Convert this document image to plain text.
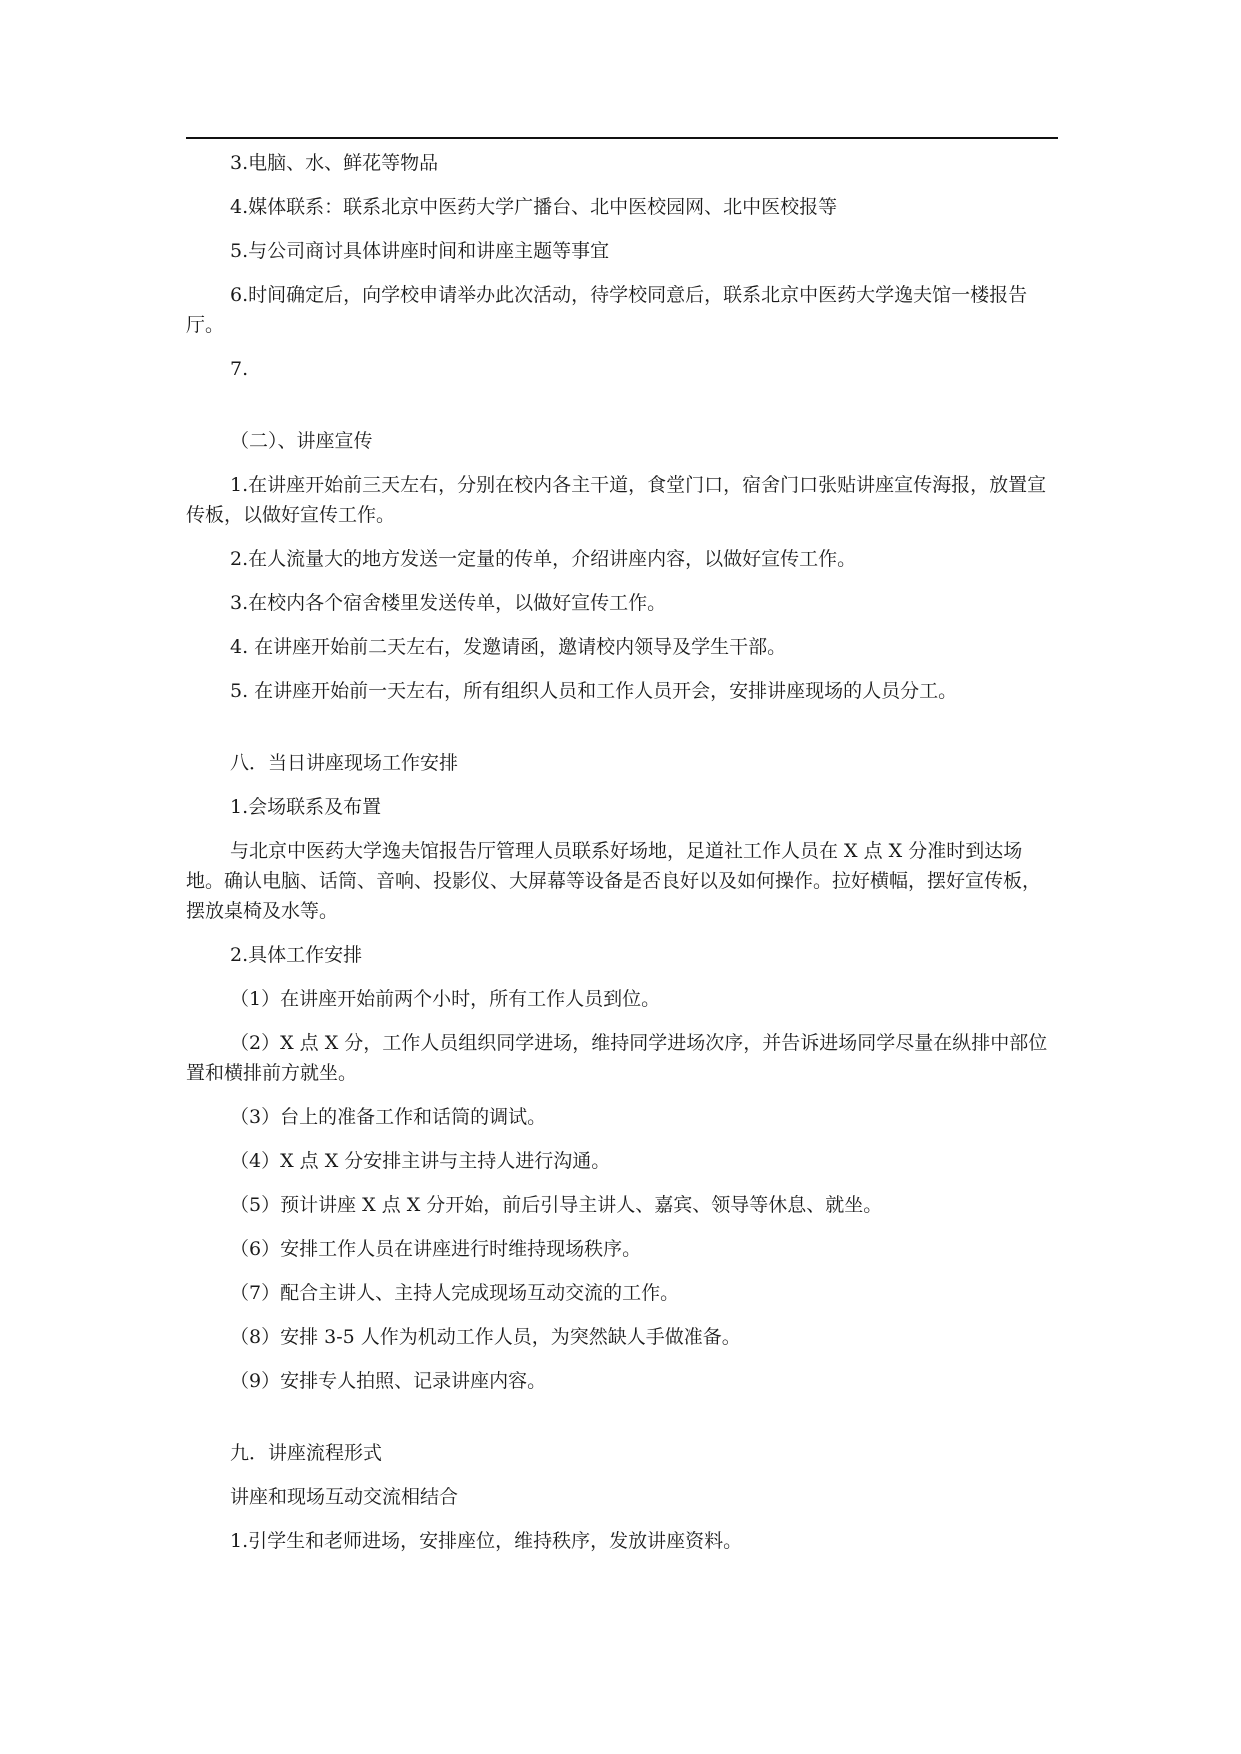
3.电脑、水、鲜花等物品

4.媒体联系：联系北京中医药大学广播台、北中医校园网、北中医校报等

5.与公司商讨具体讲座时间和讲座主题等事宜

6.时间确定后，向学校申请举办此次活动，待学校同意后，联系北京中医药大学逸夫馆一楼报告厅。

7.

（二）、讲座宣传

1.在讲座开始前三天左右，分别在校内各主干道，食堂门口，宿舍门口张贴讲座宣传海报，放置宣传板，以做好宣传工作。

2.在人流量大的地方发送一定量的传单，介绍讲座内容，以做好宣传工作。

3.在校内各个宿舍楼里发送传单，以做好宣传工作。

4. 在讲座开始前二天左右，发邀请函，邀请校内领导及学生干部。

5. 在讲座开始前一天左右，所有组织人员和工作人员开会，安排讲座现场的人员分工。

八．当日讲座现场工作安排

1.会场联系及布置

与北京中医药大学逸夫馆报告厅管理人员联系好场地，足道社工作人员在 X 点 X 分准时到达场地。确认电脑、话筒、音响、投影仪、大屏幕等设备是否良好以及如何操作。拉好横幅，摆好宣传板，摆放桌椅及水等。

2.具体工作安排

（1）在讲座开始前两个小时，所有工作人员到位。

（2）X 点 X 分，工作人员组织同学进场，维持同学进场次序，并告诉进场同学尽量在纵排中部位置和横排前方就坐。

（3）台上的准备工作和话筒的调试。

（4）X 点 X 分安排主讲与主持人进行沟通。

（5）预计讲座 X 点 X 分开始，前后引导主讲人、嘉宾、领导等休息、就坐。

（6）安排工作人员在讲座进行时维持现场秩序。

（7）配合主讲人、主持人完成现场互动交流的工作。

（8）安排 3-5 人作为机动工作人员，为突然缺人手做准备。

（9）安排专人拍照、记录讲座内容。

九．讲座流程形式

讲座和现场互动交流相结合

1.引学生和老师进场，安排座位，维持秩序，发放讲座资料。
